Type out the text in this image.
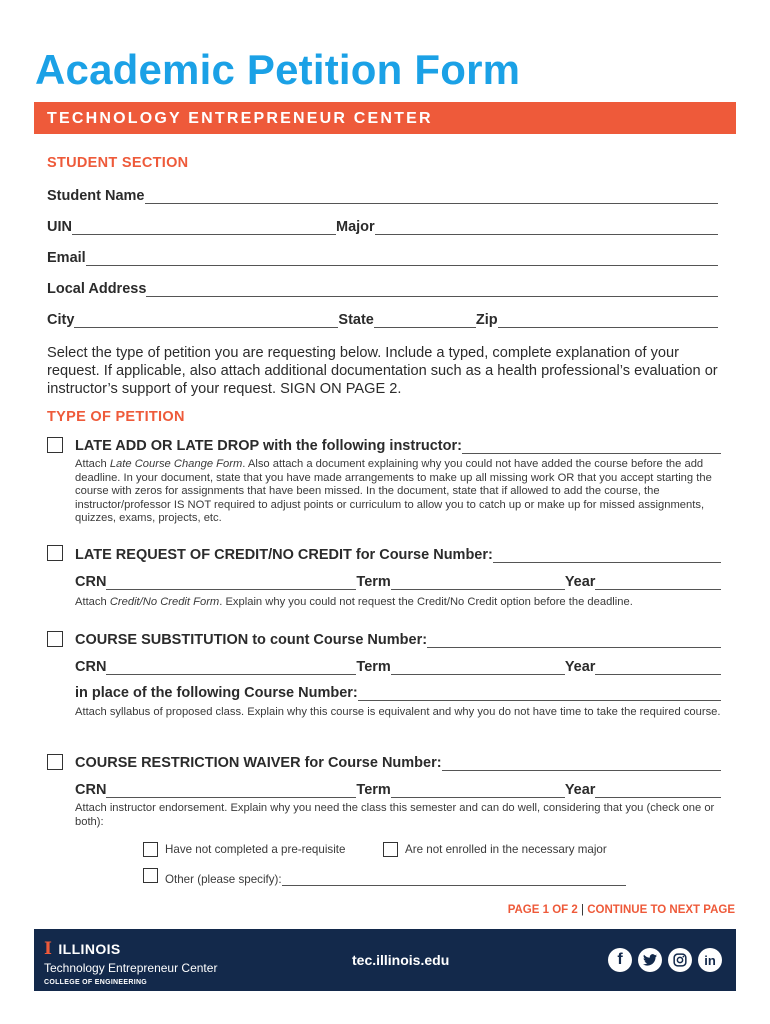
Academic Petition Form
TECHNOLOGY ENTREPRENEUR CENTER
STUDENT SECTION
Student Name
UIN	Major
Email
Local Address
City	State	Zip
Select the type of petition you are requesting below. Include a typed, complete explanation of your request. If applicable, also attach additional documentation such as a health professional’s evaluation or instructor’s support of your request. SIGN ON PAGE 2.
TYPE OF PETITION
LATE ADD OR LATE DROP with the following instructor:
Attach Late Course Change Form. Also attach a document explaining why you could not have added the course before the add deadline. In your document, state that you have made arrangements to make up all missing work OR that you accept starting the course with zeros for assignments that have been missed. In the document, state that if allowed to add the course, the instructor/professor IS NOT required to adjust points or curriculum to allow you to catch up or make up for missed assignments, quizzes, exams, projects, etc.
LATE REQUEST OF CREDIT/NO CREDIT for Course Number:
CRN	Term	Year
Attach Credit/No Credit Form. Explain why you could not request the Credit/No Credit option before the deadline.
COURSE SUBSTITUTION to count Course Number:
CRN	Term	Year
in place of the following Course Number:
Attach syllabus of proposed class. Explain why this course is equivalent and why you do not have time to take the required course.
COURSE RESTRICTION WAIVER for Course Number:
CRN	Term	Year
Attach instructor endorsement. Explain why you need the class this semester and can do well, considering that you (check one or both):
Have not completed a pre-requisite	Are not enrolled in the necessary major
Other (please specify):
PAGE 1 OF 2 | CONTINUE TO NEXT PAGE
Ⅰ ILLINOIS
Technology Entrepreneur Center
COLLEGE OF ENGINEERING
tec.illinois.edu	f	in
